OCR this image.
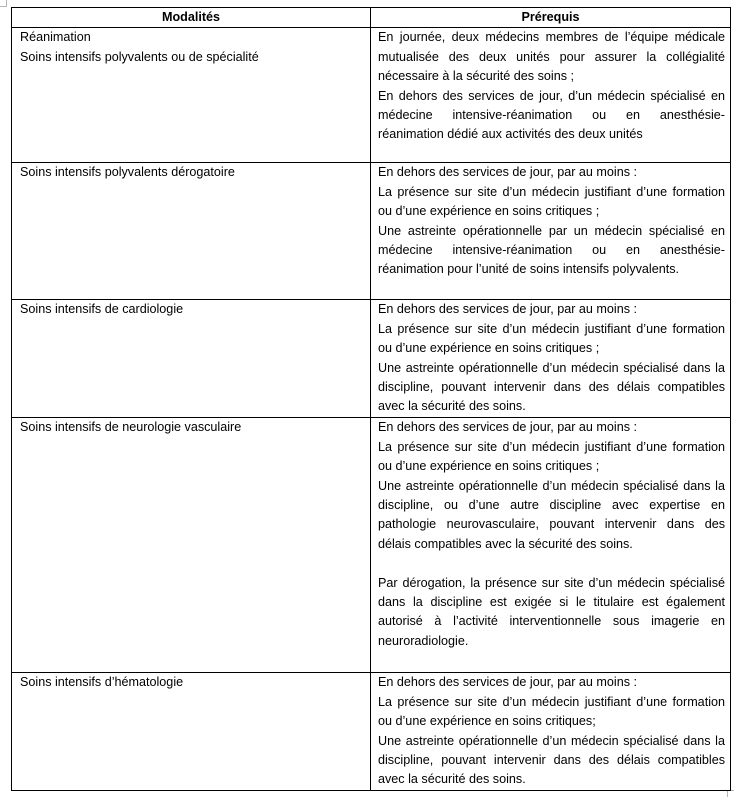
Modalités	Prérequis

Réanimation
Soins intensifs polyvalents ou de spécialité	En journée, deux médecins membres de l’équipe médicale mutualisée des deux unités pour assurer la collégialité nécessaire à la sécurité des soins ;
En dehors des services de jour, d’un médecin spécialisé en médecine intensive-réanimation ou en anesthésie-réanimation dédié aux activités des deux unités

Soins intensifs polyvalents dérogatoire	En dehors des services de jour, par au moins :
La présence sur site d’un médecin justifiant d’une formation ou d’une expérience en soins critiques ;
Une astreinte opérationnelle par un médecin spécialisé en médecine intensive-réanimation ou en anesthésie- réanimation pour l’unité de soins intensifs polyvalents.

Soins intensifs de cardiologie	En dehors des services de jour, par au moins :
La présence sur site d’un médecin justifiant d’une formation ou d’une expérience en soins critiques ;
Une astreinte opérationnelle d’un médecin spécialisé dans la discipline, pouvant intervenir dans des délais compatibles avec la sécurité des soins.

Soins intensifs de neurologie vasculaire	En dehors des services de jour, par au moins :
La présence sur site d’un médecin justifiant d’une formation ou d’une expérience en soins critiques ;
Une astreinte opérationnelle d’un médecin spécialisé dans la discipline, ou d’une autre discipline avec expertise en pathologie neurovasculaire, pouvant intervenir dans des délais compatibles avec la sécurité des soins.
Par dérogation, la présence sur site d’un médecin spécialisé dans la discipline est exigée si le titulaire est également autorisé à l’activité interventionnelle sous imagerie en neuroradiologie.

Soins intensifs d’hématologie	En dehors des services de jour, par au moins :
La présence sur site d’un médecin justifiant d’une formation ou d’une expérience en soins critiques;
Une astreinte opérationnelle d’un médecin spécialisé dans la discipline, pouvant intervenir dans des délais compatibles avec la sécurité des soins.
